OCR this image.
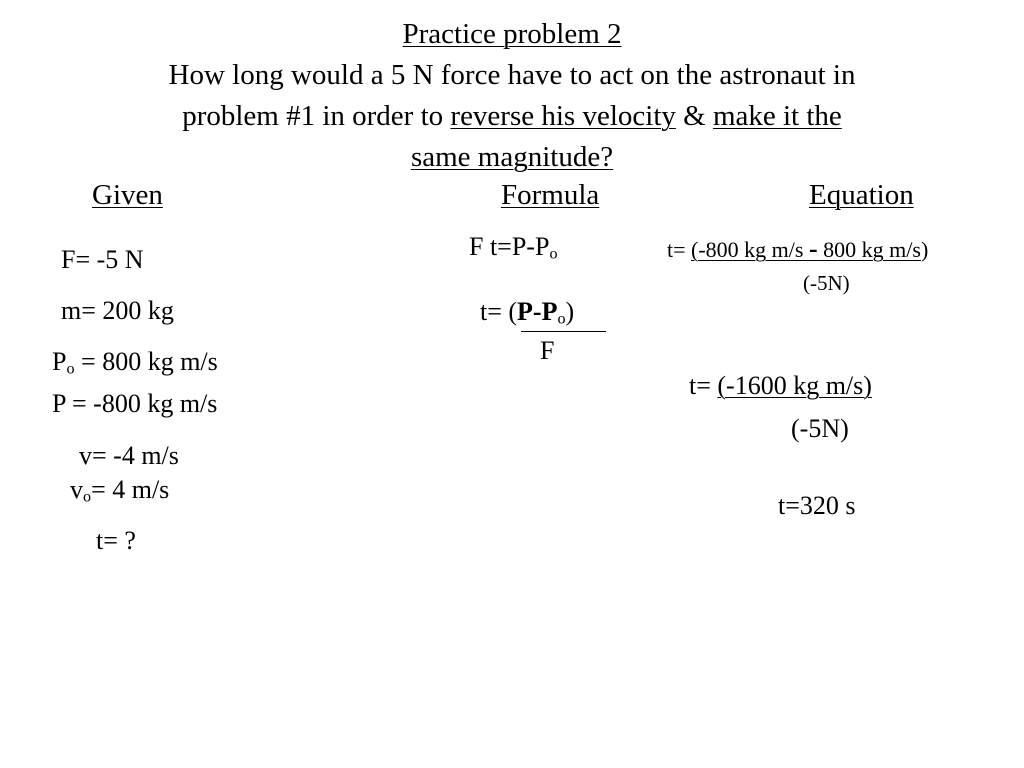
Practice problem 2
How long would a 5 N force have to act on the astronaut in
problem #1 in order to reverse his velocity & make it the
same magnitude?
Given	Formula	Equation
F= -5 N
m= 200 kg
$P_o = 800$ kg m/s
P = -800 kg m/s
v= -4 m/s
$v_o= 4$ m/s
t= ?
F $t=P-P_o$
$t= (P-P_o)$
F
t= (-800 kg m/s - 800 kg m/s)
(-5N)
t= (-1600 kg m/s)
(-5N)
t=320 s
